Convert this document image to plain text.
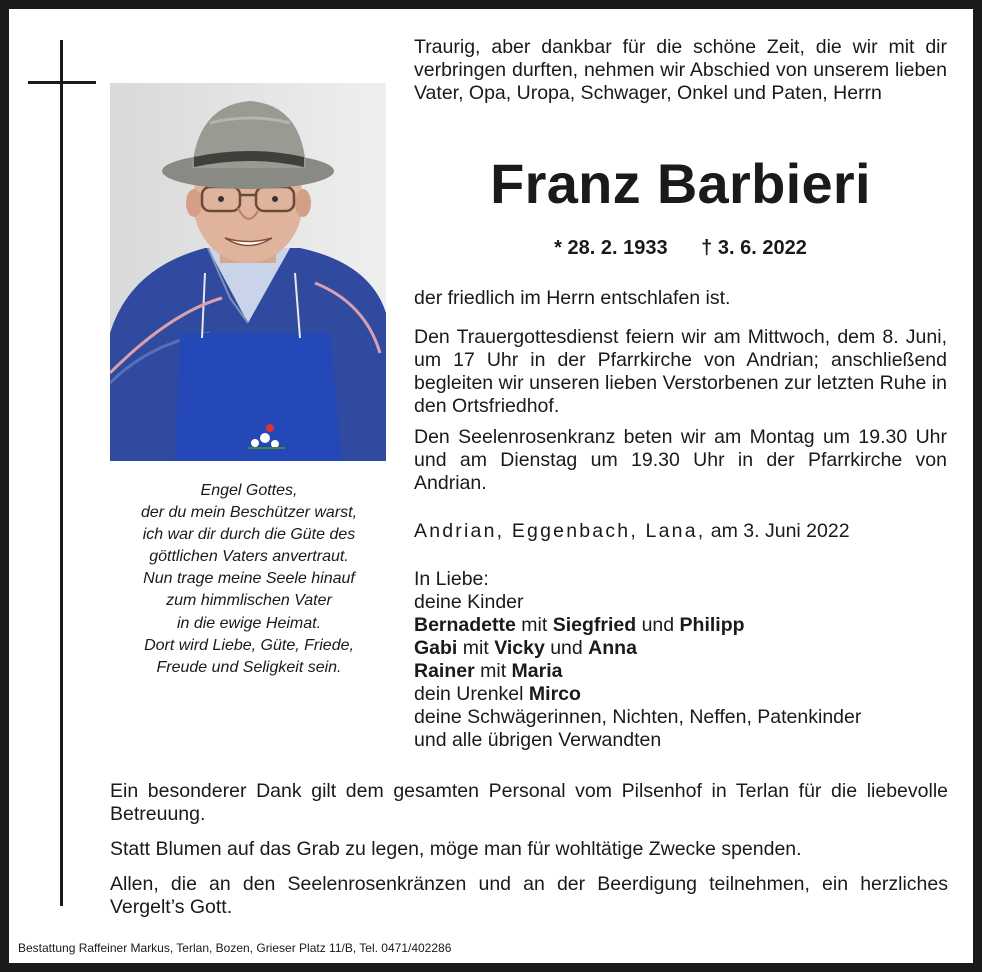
Engel Gottes,
der du mein Beschützer warst,
ich war dir durch die Güte des
göttlichen Vaters anvertraut.
Nun trage meine Seele hinauf
zum himmlischen Vater
in die ewige Heimat.
Dort wird Liebe, Güte, Friede,
Freude und Seligkeit sein.
Traurig, aber dankbar für die schöne Zeit, die wir mit dir verbringen durften, nehmen wir Abschied von unserem lieben Vater, Opa, Uropa, Schwager, Onkel und Paten, Herrn
Franz Barbieri
* 28. 2. 1933 † 3. 6. 2022
der friedlich im Herrn entschlafen ist.
Den Trauergottesdienst feiern wir am Mittwoch, dem 8. Juni, um 17 Uhr in der Pfarrkirche von Andrian; anschließend begleiten wir unseren lieben Verstorbenen zur letzten Ruhe in den Ortsfriedhof.
Den Seelenrosenkranz beten wir am Montag um 19.30 Uhr und am Dienstag um 19.30 Uhr in der Pfarrkirche von Andrian.
Andrian, Eggenbach, Lana, am 3. Juni 2022
In Liebe:
deine Kinder
Bernadette mit Siegfried und Philipp
Gabi mit Vicky und Anna
Rainer mit Maria
dein Urenkel Mirco
deine Schwägerinnen, Nichten, Neffen, Patenkinder
und alle übrigen Verwandten
Ein besonderer Dank gilt dem gesamten Personal vom Pilsenhof in Terlan für die liebevolle Betreuung.
Statt Blumen auf das Grab zu legen, möge man für wohltätige Zwecke spenden.
Allen, die an den Seelenrosenkränzen und an der Beerdigung teilnehmen, ein herzliches Vergelt’s Gott.
Bestattung Raffeiner Markus, Terlan, Bozen, Grieser Platz 11/B, Tel. 0471/402286
